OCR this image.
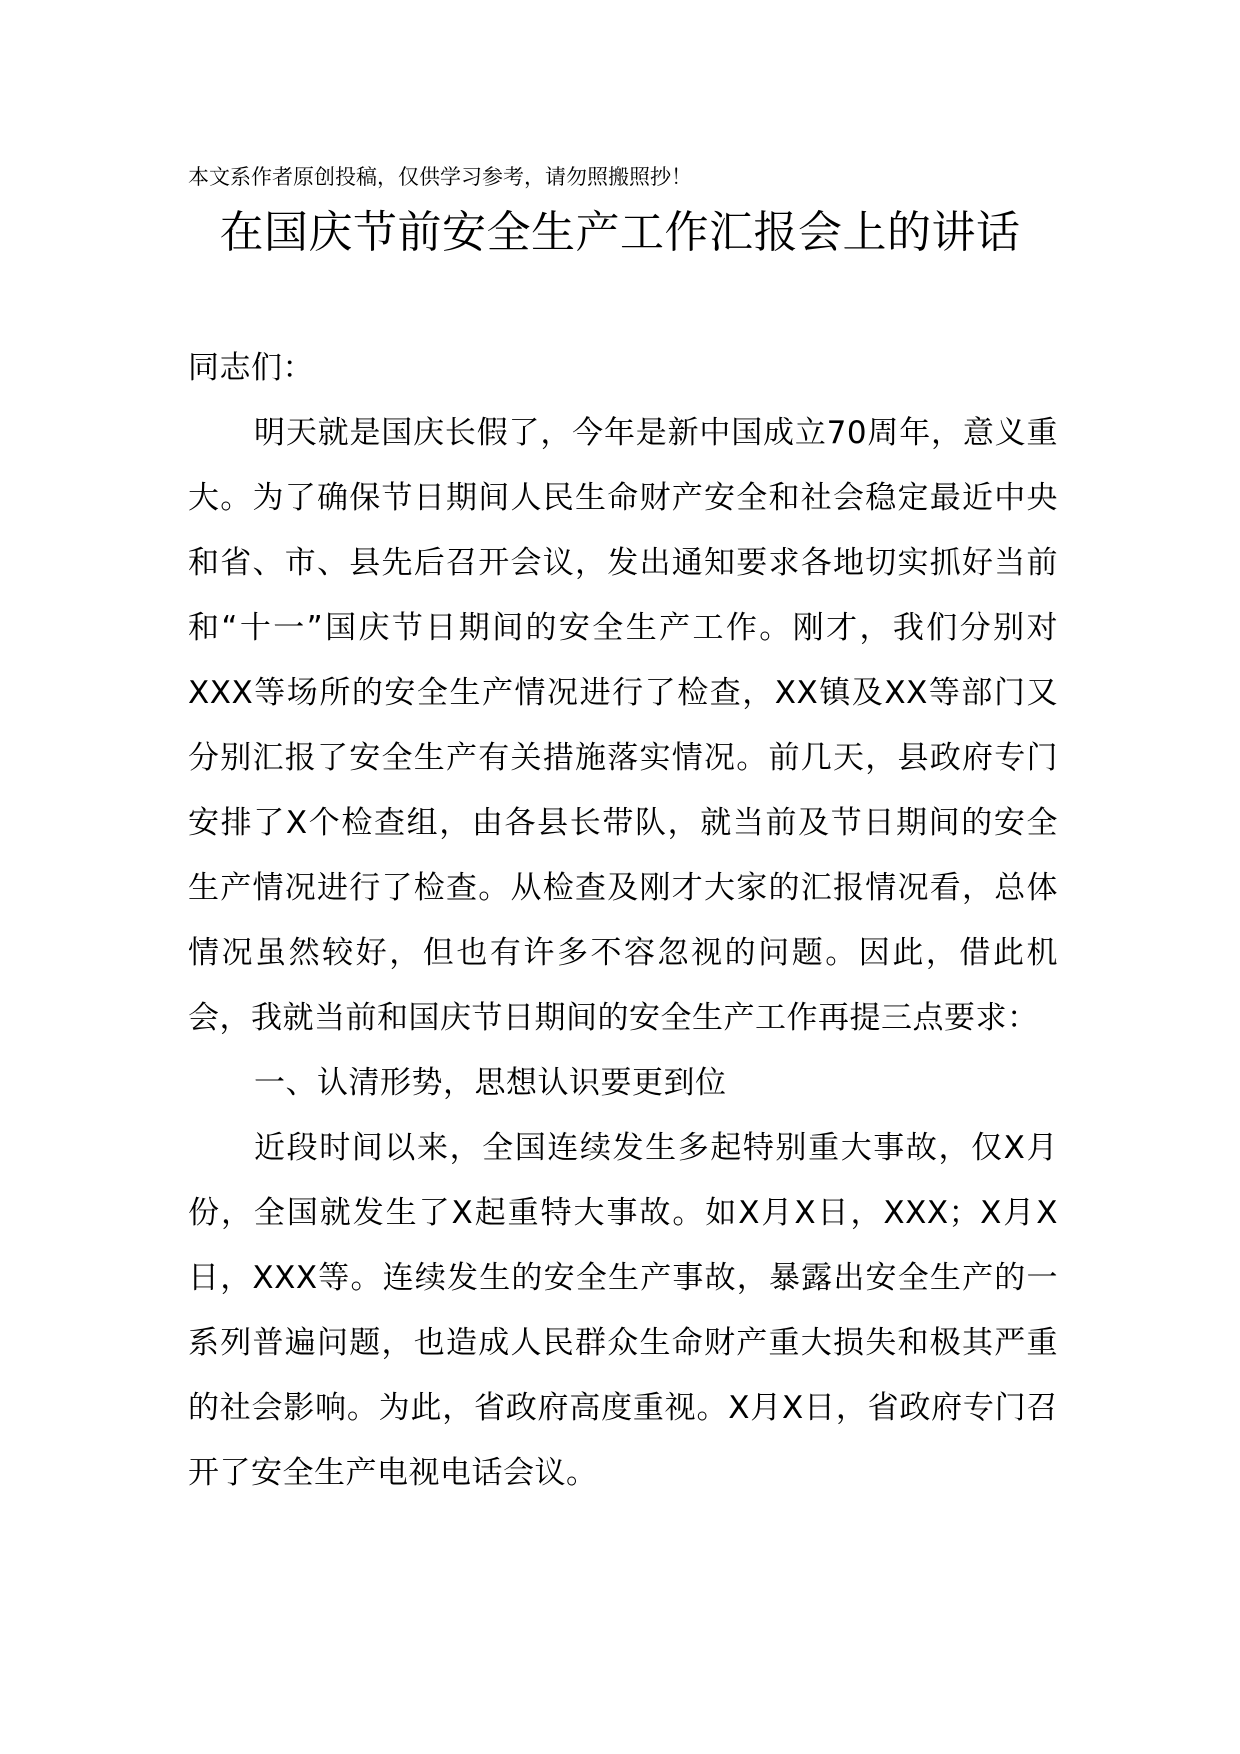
本文系作者原创投稿，仅供学习参考，请勿照搬照抄！
在国庆节前安全生产工作汇报会上的讲话

同志们：

明天就是国庆长假了，今年是新中国成立70周年，意义重大。为了确保节日期间人民生命财产安全和社会稳定最近中央和省、市、县先后召开会议，发出通知要求各地切实抓好当前和“十一”国庆节日期间的安全生产工作。刚才，我们分别对XXX等场所的安全生产情况进行了检查，XX镇及XX等部门又分别汇报了安全生产有关措施落实情况。前几天，县政府专门安排了X个检查组，由各县长带队，就当前及节日期间的安全生产情况进行了检查。从检查及刚才大家的汇报情况看，总体情况虽然较好，但也有许多不容忽视的问题。因此，借此机会，我就当前和国庆节日期间的安全生产工作再提三点要求：

一、认清形势，思想认识要更到位

近段时间以来，全国连续发生多起特别重大事故，仅X月份，全国就发生了X起重特大事故。如X月X日，XXX；X月X日，XXX等。连续发生的安全生产事故，暴露出安全生产的一系列普遍问题，也造成人民群众生命财产重大损失和极其严重的社会影响。为此，省政府高度重视。X月X日，省政府专门召开了安全生产电视电话会议。
